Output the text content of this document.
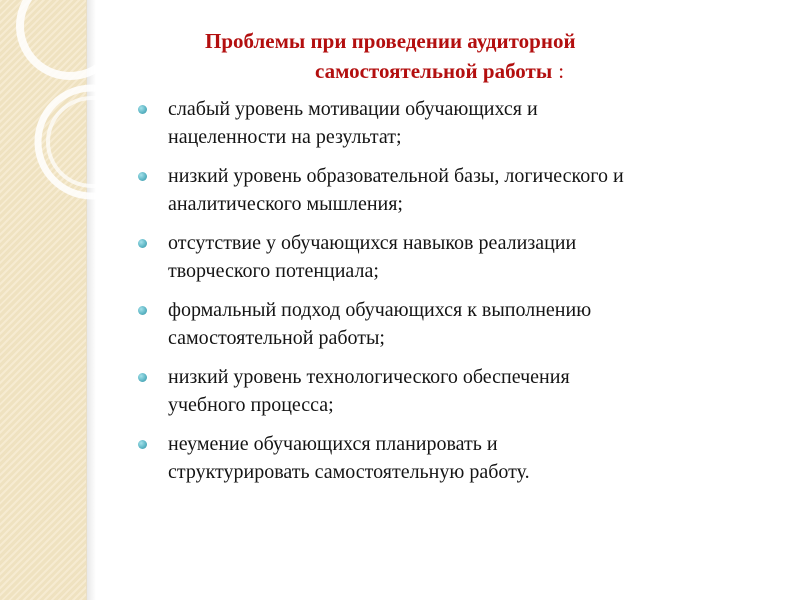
Проблемы при проведении аудиторной
самостоятельной работы :
слабый уровень мотивации обучающихся и
нацеленности на результат;
низкий уровень образовательной базы, логического и
аналитического мышления;
отсутствие у обучающихся навыков реализации
творческого потенциала;
формальный подход обучающихся к выполнению
самостоятельной работы;
низкий уровень технологического обеспечения
учебного процесса;
неумение обучающихся планировать и
структурировать самостоятельную работу.
